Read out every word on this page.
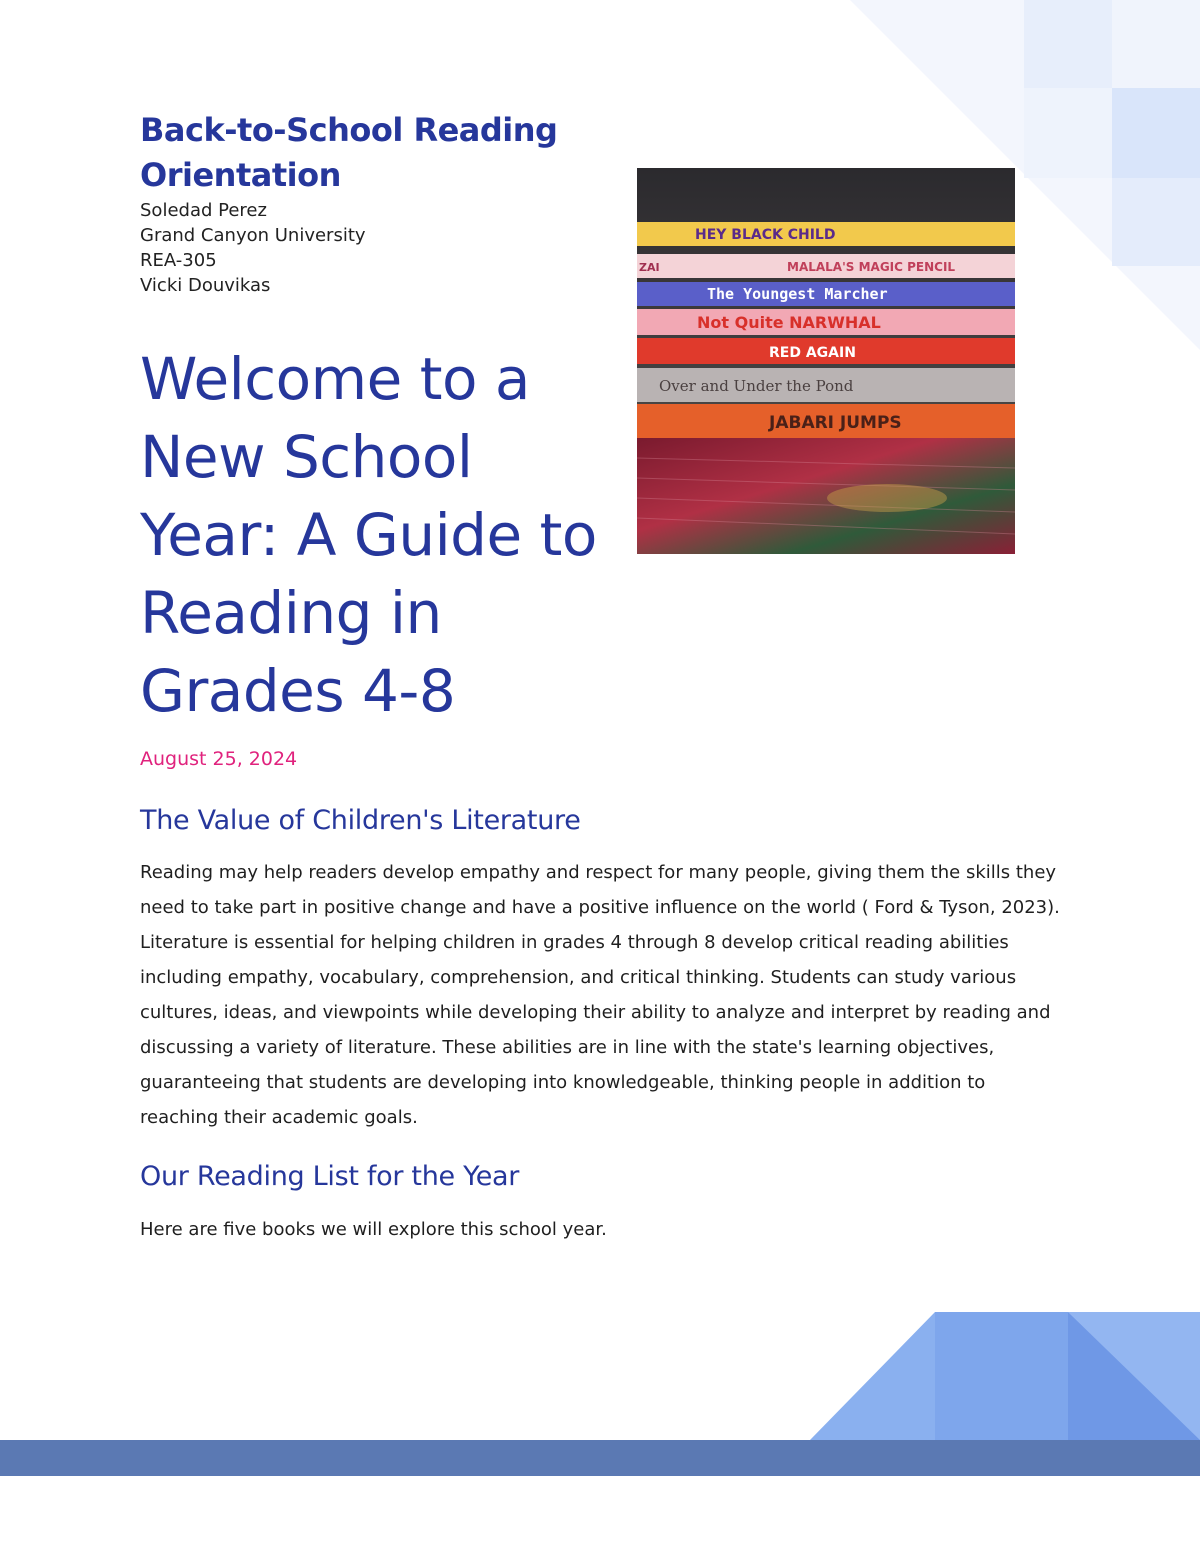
Back-to-School Reading Orientation

Soledad Perez

Grand Canyon University

REA-305

Vicki Douvikas

Welcome to a New School Year: A Guide to Reading in Grades 4-8
HEY BLACK CHILD
ZAI	MALALA'S MAGIC PENCIL
The Youngest Marcher
Not Quite NARWHAL
RED AGAIN
Over and Under the Pond
JABARI JUMPS

August 25, 2024

The Value of Children's Literature

Reading may help readers develop empathy and respect for many people, giving them the skills they need to take part in positive change and have a positive influence on the world ( Ford & Tyson, 2023). Literature is essential for helping children in grades 4 through 8 develop critical reading abilities including empathy, vocabulary, comprehension, and critical thinking. Students can study various cultures, ideas, and viewpoints while developing their ability to analyze and interpret by reading and discussing a variety of literature. These abilities are in line with the state's learning objectives, guaranteeing that students are developing into knowledgeable, thinking people in addition to reaching their academic goals.

Our Reading List for the Year

Here are five books we will explore this school year.
